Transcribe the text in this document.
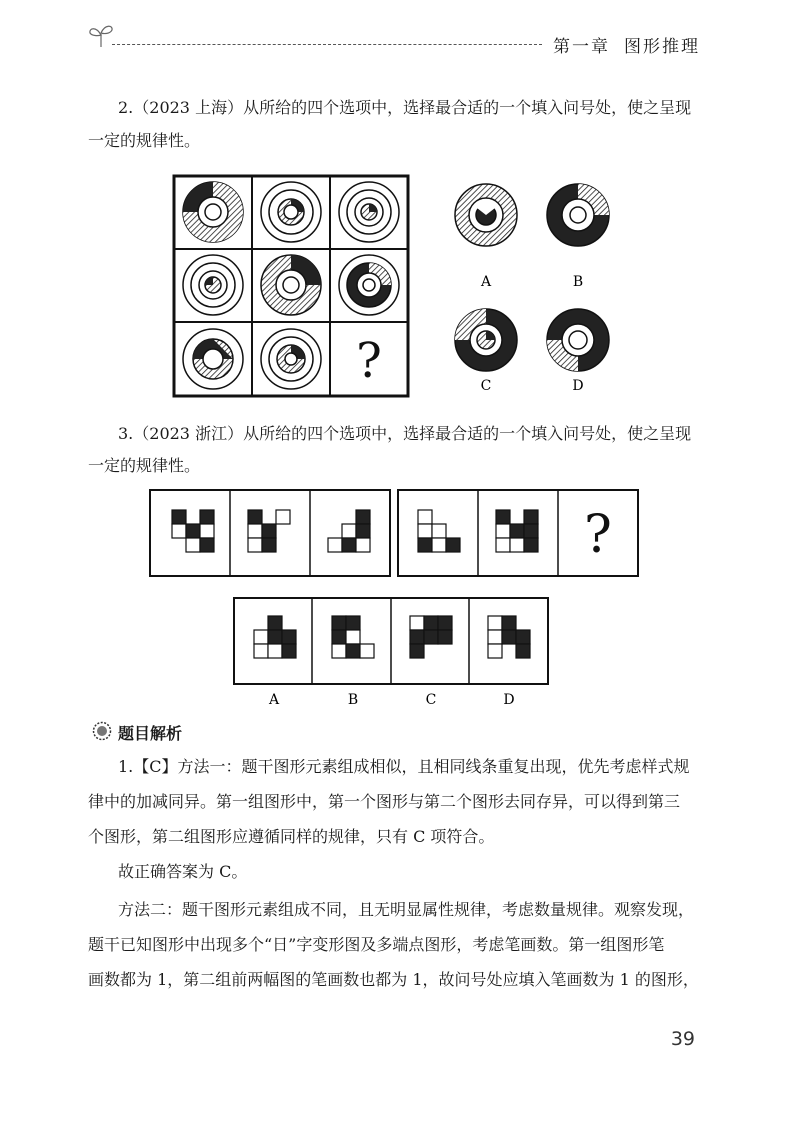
第一章 图形推理
2.（2023 上海）从所给的四个选项中，选择最合适的一个填入问号处，使之呈现
一定的规律性。
?
A	B
C	D
3.（2023 浙江）从所给的四个选项中，选择最合适的一个填入问号处，使之呈现
一定的规律性。
?
A	B	C	D
题目解析
1.【C】方法一：题干图形元素组成相似，且相同线条重复出现，优先考虑样式规
律中的加减同异。第一组图形中，第一个图形与第二个图形去同存异，可以得到第三
个图形，第二组图形应遵循同样的规律，只有 C 项符合。
故正确答案为 C。
方法二：题干图形元素组成不同，且无明显属性规律，考虑数量规律。观察发现，
题干已知图形中出现多个“日”字变形图及多端点图形，考虑笔画数。第一组图形笔
画数都为 1，第二组前两幅图的笔画数也都为 1，故问号处应填入笔画数为 1 的图形，
39
